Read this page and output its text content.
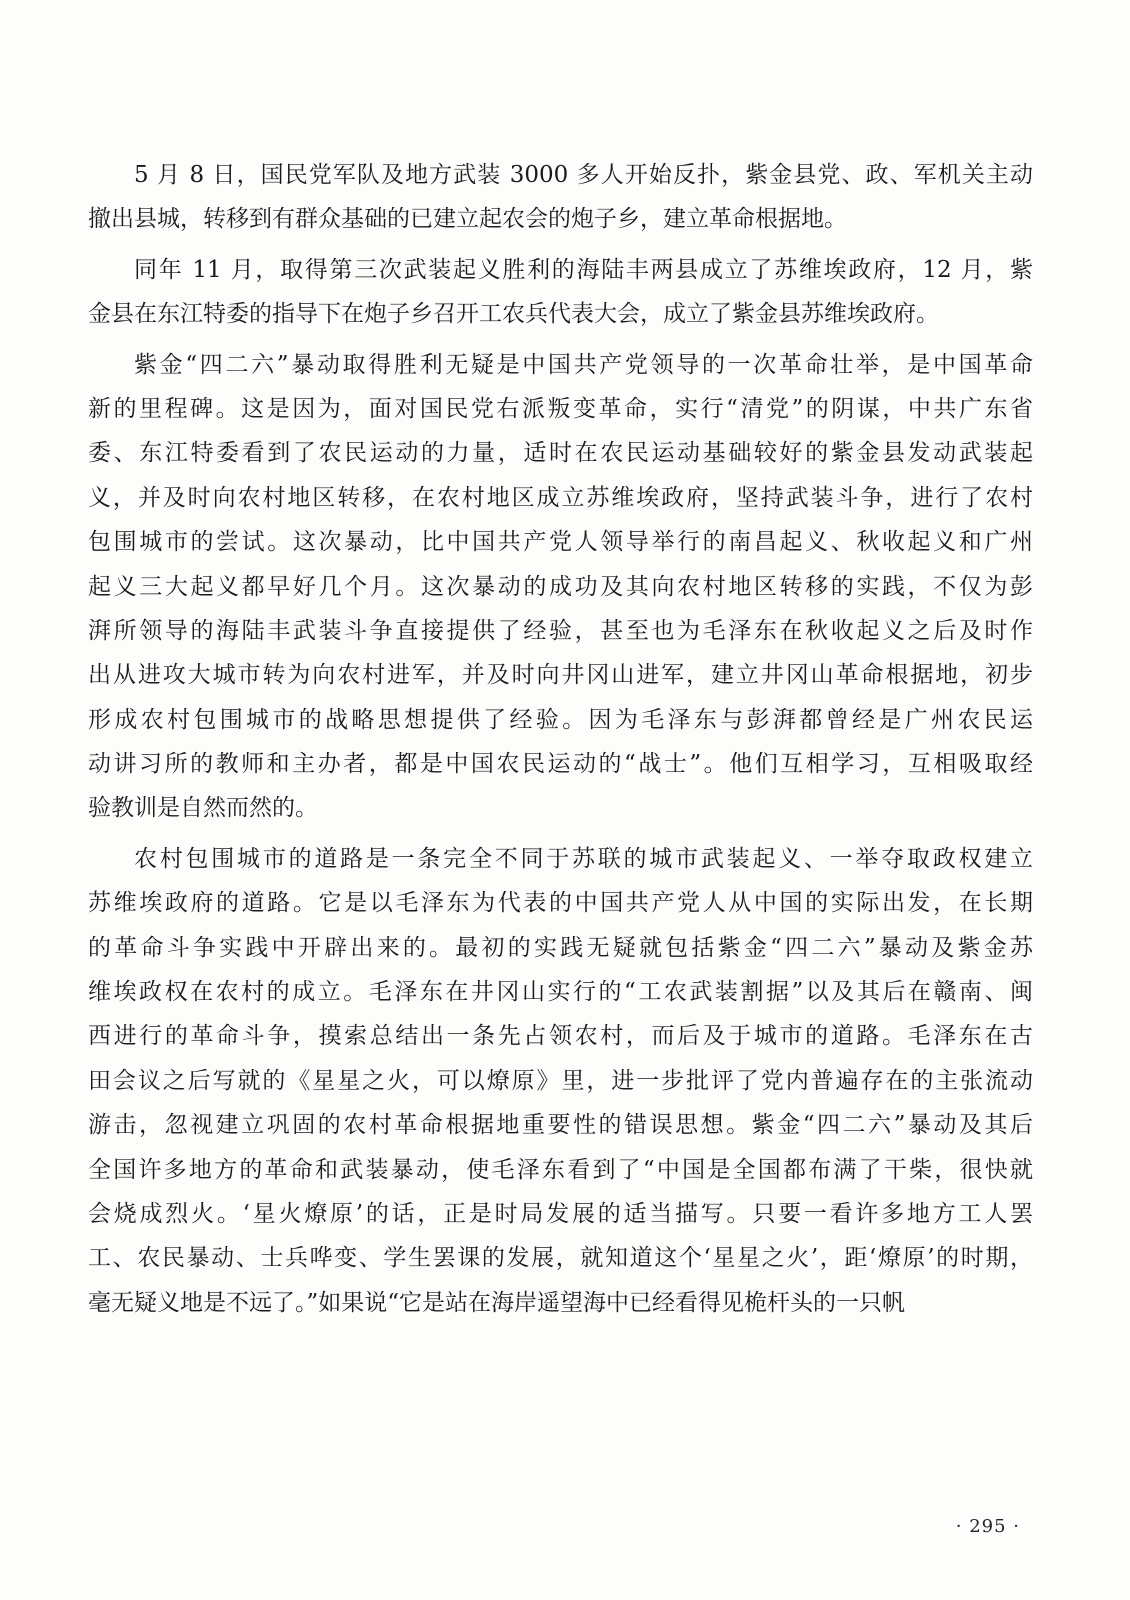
5 月 8 日，国民党军队及地方武装 3000 多人开始反扑，紫金县党、政、军机关主动
撤出县城，转移到有群众基础的已建立起农会的炮子乡，建立革命根据地。
同年 11 月，取得第三次武装起义胜利的海陆丰两县成立了苏维埃政府，12 月，紫
金县在东江特委的指导下在炮子乡召开工农兵代表大会，成立了紫金县苏维埃政府。
紫金“四二六”暴动取得胜利无疑是中国共产党领导的一次革命壮举，是中国革命
新的里程碑。这是因为，面对国民党右派叛变革命，实行“清党”的阴谋，中共广东省
委、东江特委看到了农民运动的力量，适时在农民运动基础较好的紫金县发动武装起
义，并及时向农村地区转移，在农村地区成立苏维埃政府，坚持武装斗争，进行了农村
包围城市的尝试。这次暴动，比中国共产党人领导举行的南昌起义、秋收起义和广州
起义三大起义都早好几个月。这次暴动的成功及其向农村地区转移的实践，不仅为彭
湃所领导的海陆丰武装斗争直接提供了经验，甚至也为毛泽东在秋收起义之后及时作
出从进攻大城市转为向农村进军，并及时向井冈山进军，建立井冈山革命根据地，初步
形成农村包围城市的战略思想提供了经验。因为毛泽东与彭湃都曾经是广州农民运
动讲习所的教师和主办者，都是中国农民运动的“战士”。他们互相学习，互相吸取经
验教训是自然而然的。
农村包围城市的道路是一条完全不同于苏联的城市武装起义、一举夺取政权建立
苏维埃政府的道路。它是以毛泽东为代表的中国共产党人从中国的实际出发，在长期
的革命斗争实践中开辟出来的。最初的实践无疑就包括紫金“四二六”暴动及紫金苏
维埃政权在农村的成立。毛泽东在井冈山实行的“工农武装割据”以及其后在赣南、闽
西进行的革命斗争，摸索总结出一条先占领农村，而后及于城市的道路。毛泽东在古
田会议之后写就的《星星之火，可以燎原》里，进一步批评了党内普遍存在的主张流动
游击，忽视建立巩固的农村革命根据地重要性的错误思想。紫金“四二六”暴动及其后
全国许多地方的革命和武装暴动，使毛泽东看到了“中国是全国都布满了干柴，很快就
会烧成烈火。‘星火燎原’的话，正是时局发展的适当描写。只要一看许多地方工人罢
工、农民暴动、士兵哗变、学生罢课的发展，就知道这个‘星星之火’，距‘燎原’的时期，
毫无疑义地是不远了。”如果说“它是站在海岸遥望海中已经看得见桅杆头的一只帆
· 295 ·
